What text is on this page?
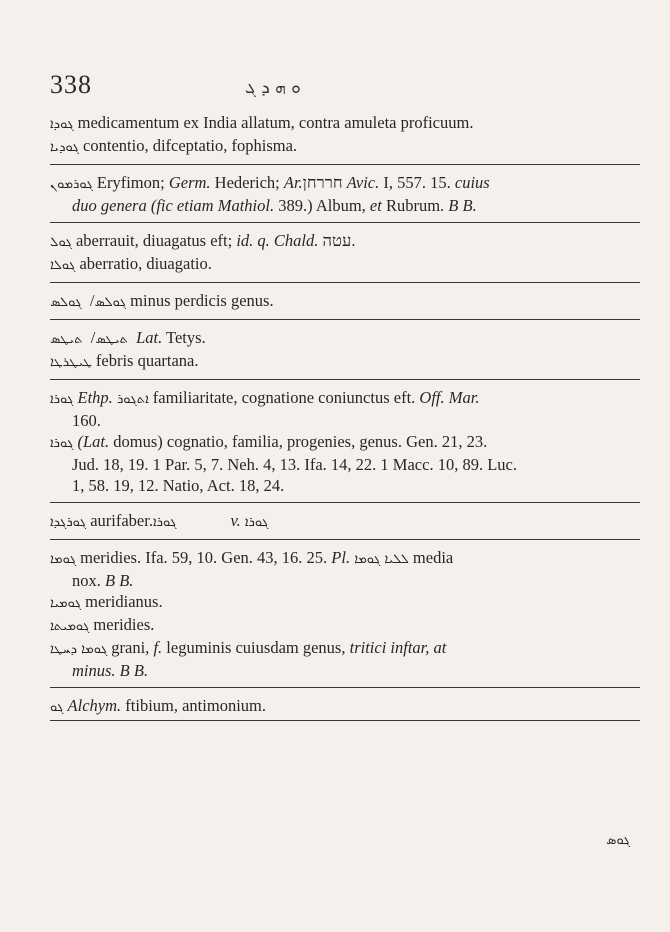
338	ܘ ܗ ܕ ܓ

ܓܘܕܐ medicamentum ex India allatum, contra amuleta proficuum.

ܓܘܕܝܐ contentio, difceptatio, fophisma.

ܓܘܪܡܘܢ Eryfimon; Germ. Hederich; Ar.חררחן Avic. I, 557. 15. cuius
duo genera (fic etiam Mathiol. 389.) Album, et Rubrum. B B.

ܓܘܠ aberrauit, diuagatus eft; id. q. Chald. עטה.

ܓܘܠܐ aberratio, diuagatio.

ܓܘܠܣ/ ܓܘܠܣ	minus perdicis genus.

ܬܝܛܣ/ ܬܝܛܣ	Lat. Tetys.

ܛܝܛܪܛܐ febris quartana.

ܓܘܪܐ Ethp. ܐܬܓܘܪ familiaritate, cognatione coniunctus eft. Off. Mar.
160.

ܓܘܪܐ (Lat. domus) cognatio, familia, progenies, genus. Gen. 21, 23.
Jud. 18, 19. 1 Par. 5, 7. Neh. 4, 13. Ifa. 14, 22. 1 Macc. 10, 89. Luc.
1, 58. 19, 12. Natio, Act. 18, 24.

ܓܘܪܓܕܐ aurifaber.ܓܘܪܐ	v. ܓܘܪܐ

ܓܘܡܐ meridies. Ifa. 59, 10. Gen. 43, 16. 25. Pl.	ܠܠܝܐܓܘܡܐ media
nox. B B.

ܓܘܡܝܐ meridianus.

ܓܘܡܝܬܐ meridies.

ܓܘܡܐ ܕܚܛܐ grani, f. leguminis cuiusdam genus, tritici inftar, at
minus. B B.

ܓܘ Alchym. ftibium, antimonium.

ܓܘܣ
